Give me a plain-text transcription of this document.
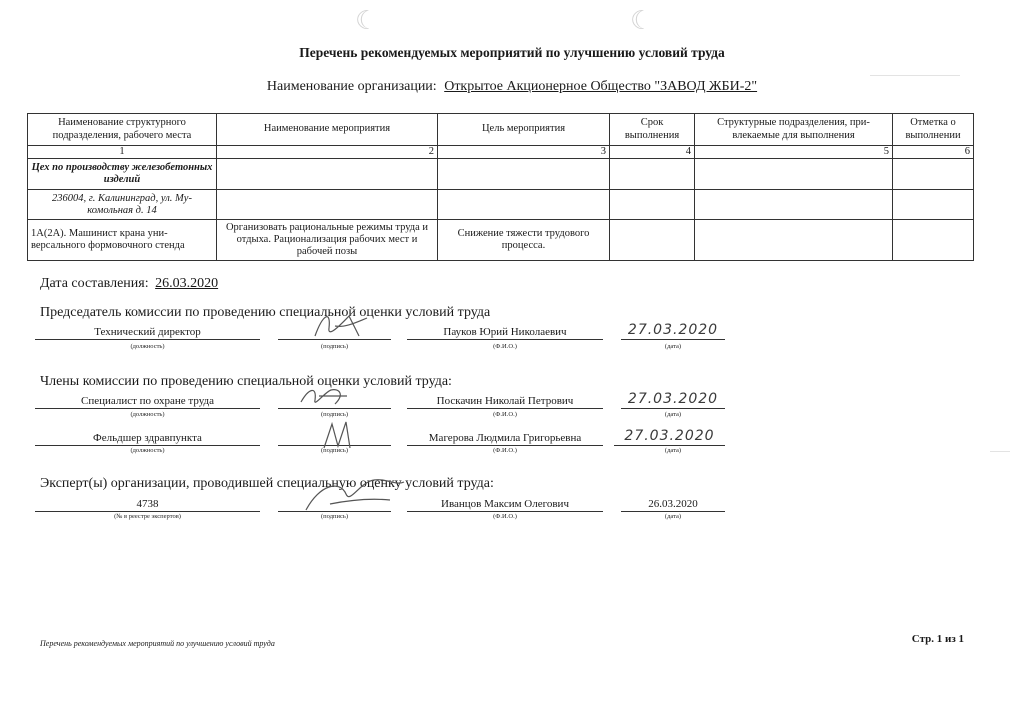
☾	☾
Перечень рекомендуемых мероприятий по улучшению условий труда
Наименование организации: Открытое Акционерное Общество "ЗАВОД ЖБИ-2"
Наименование структурного подразделения, рабочего места	Наименование мероприятия	Цель мероприятия	Срок выполнения	Структурные подразделения, привлекаемые для выполнения	Отметка о выполнении
1	2	3	4	5	6
Цех по производству железобетонных изделий					
236004, г. Калининград, ул. Мукомольная д. 14					
1А(2А). Машинист крана универсального формовочного стенда	Организовать рациональные режимы труда и отдыха. Рационализация рабочих мест и рабочей позы	Снижение тяжести трудового процесса.			
Дата составления: 26.03.2020
Председатель комиссии по проведению специальной оценки условий труда
Технический директор	Пауков Юрий Николаевич	27.03.2020
(должность)	(подпись)	(Ф.И.О.)	(дата)
Члены комиссии по проведению специальной оценки условий труда:
Специалист по охране труда	Поскачин Николай Петрович	27.03.2020
(должность)	(подпись)	(Ф.И.О.)	(дата)
Фельдшер здравпункта	Магерова Людмила Григорьевна	27.03.2020
(должность)	(подпись)	(Ф.И.О.)	(дата)
Эксперт(ы) организации, проводившей специальную оценку условий труда:
4738	Иванцов Максим Олегович	26.03.2020
(№ в реестре экспертов)	(подпись)	(Ф.И.О.)	(дата)
Перечень рекомендуемых мероприятий по улучшению условий труда	Стр. 1 из 1
